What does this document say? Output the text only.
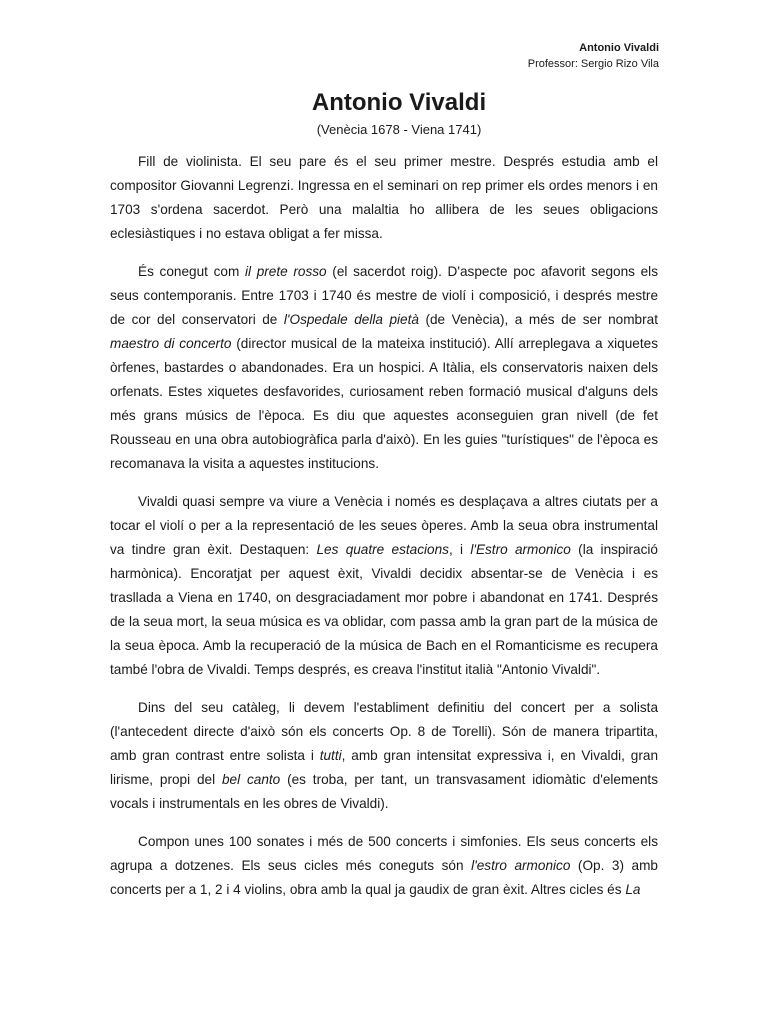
Antonio Vivaldi
Professor: Sergio Rizo Vila
Antonio Vivaldi
(Venècia 1678 - Viena 1741)

Fill de violinista. El seu pare és el seu primer mestre. Després estudia amb el compositor Giovanni Legrenzi. Ingressa en el seminari on rep primer els ordes menors i en 1703 s'ordena sacerdot. Però una malaltia ho allibera de les seues obligacions eclesiàstiques i no estava obligat a fer missa.

És conegut com il prete rosso (el sacerdot roig). D'aspecte poc afavorit segons els seus contemporanis. Entre 1703 i 1740 és mestre de violí i composició, i després mestre de cor del conservatori de l'Ospedale della pietà (de Venècia), a més de ser nombrat maestro di concerto (director musical de la mateixa institució). Allí arreplegava a xiquetes òrfenes, bastardes o abandonades. Era un hospici. A Itàlia, els conservatoris naixen dels orfenats. Estes xiquetes desfavorides, curiosament reben formació musical d'alguns dels més grans músics de l'època. Es diu que aquestes aconseguien gran nivell (de fet Rousseau en una obra autobiogràfica parla d'això). En les guies "turístiques" de l'època es recomanava la visita a aquestes institucions.

Vivaldi quasi sempre va viure a Venècia i només es desplaçava a altres ciutats per a tocar el violí o per a la representació de les seues òperes. Amb la seua obra instrumental va tindre gran èxit. Destaquen: Les quatre estacions, i l'Estro armonico (la inspiració harmònica). Encoratjat per aquest èxit, Vivaldi decidix absentar-se de Venècia i es trasllada a Viena en 1740, on desgraciadament mor pobre i abandonat en 1741. Després de la seua mort, la seua música es va oblidar, com passa amb la gran part de la música de la seua època. Amb la recuperació de la música de Bach en el Romanticisme es recupera també l'obra de Vivaldi. Temps després, es creava l'institut italià "Antonio Vivaldi".

Dins del seu catàleg, li devem l'establiment definitiu del concert per a solista (l'antecedent directe d'això són els concerts Op. 8 de Torelli). Són de manera tripartita, amb gran contrast entre solista i tutti, amb gran intensitat expressiva i, en Vivaldi, gran lirisme, propi del bel canto (es troba, per tant, un transvasament idiomàtic d'elements vocals i instrumentals en les obres de Vivaldi).

Compon unes 100 sonates i més de 500 concerts i simfonies. Els seus concerts els agrupa a dotzenes. Els seus cicles més coneguts són l'estro armonico (Op. 3) amb concerts per a 1, 2 i 4 violins, obra amb la qual ja gaudix de gran èxit. Altres cicles és La
